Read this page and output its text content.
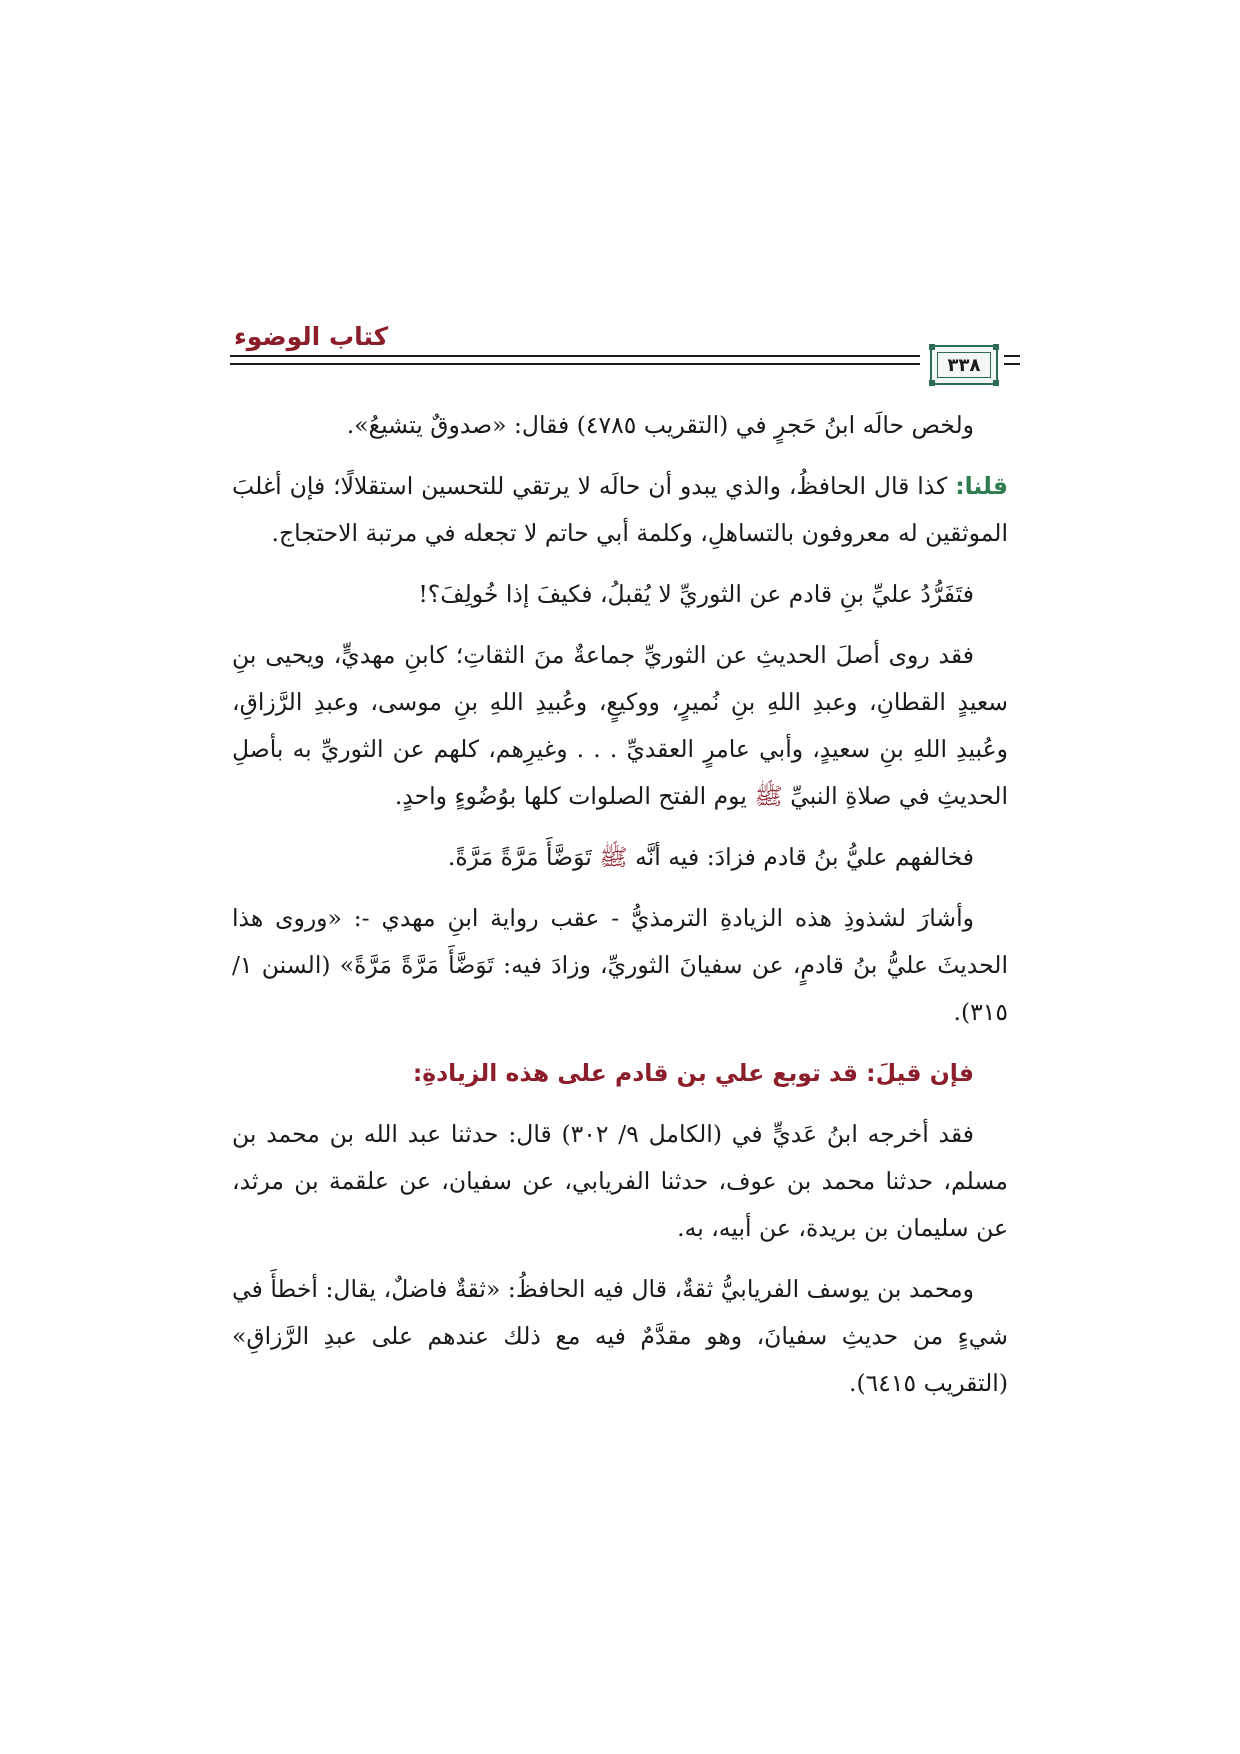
كتاب الوضوء
٣٣٨

ولخص حالَه ابنُ حَجرٍ في (التقريب ٤٧٨٥) فقال: «صدوقٌ يتشيعُ».

قلنا: كذا قال الحافظُ، والذي يبدو أن حالَه لا يرتقي للتحسين استقلالًا؛ فإن أغلبَ الموثقين له معروفون بالتساهلِ، وكلمة أبي حاتم لا تجعله في مرتبة الاحتجاج.

فتَفَرُّدُ عليِّ بنِ قادم عن الثوريِّ لا يُقبلُ، فكيفَ إذا خُولِفَ؟!

فقد روى أصلَ الحديثِ عن الثوريِّ جماعةٌ منَ الثقاتِ؛ كابنِ مهديٍّ، ويحيى بنِ سعيدٍ القطانِ، وعبدِ اللهِ بنِ نُميرٍ، ووكيعٍ، وعُبيدِ اللهِ بنِ موسى، وعبدِ الرَّزاقِ، وعُبيدِ اللهِ بنِ سعيدٍ، وأبي عامرٍ العقديِّ . . . وغيرِهم، كلهم عن الثوريِّ به بأصلِ الحديثِ في صلاةِ النبيِّ ﷺ يوم الفتح الصلوات كلها بوُضُوءٍ واحدٍ.

فخالفهم عليُّ بنُ قادم فزادَ: فيه أنَّه ﷺ تَوَضَّأَ مَرَّةً مَرَّةً.

وأشارَ لشذوذِ هذه الزيادةِ الترمذيُّ - عقب رواية ابنِ مهدي -: «وروى هذا الحديثَ عليُّ بنُ قادمٍ، عن سفيانَ الثوريِّ، وزادَ فيه: تَوَضَّأَ مَرَّةً مَرَّةً» (السنن ١/ ٣١٥).

فإن قيلَ: قد توبع علي بن قادم على هذه الزيادةِ:

فقد أخرجه ابنُ عَديٍّ في (الكامل ٩/ ٣٠٢) قال: حدثنا عبد الله بن محمد بن مسلم، حدثنا محمد بن عوف، حدثنا الفريابي، عن سفيان، عن علقمة بن مرثد، عن سليمان بن بريدة، عن أبيه، به.

ومحمد بن يوسف الفريابيُّ ثقةٌ، قال فيه الحافظُ: «ثقةٌ فاضلٌ، يقال: أخطأَ في شيءٍ من حديثِ سفيانَ، وهو مقدَّمٌ فيه مع ذلك عندهم على عبدِ الرَّزاقِ» (التقريب ٦٤١٥).
